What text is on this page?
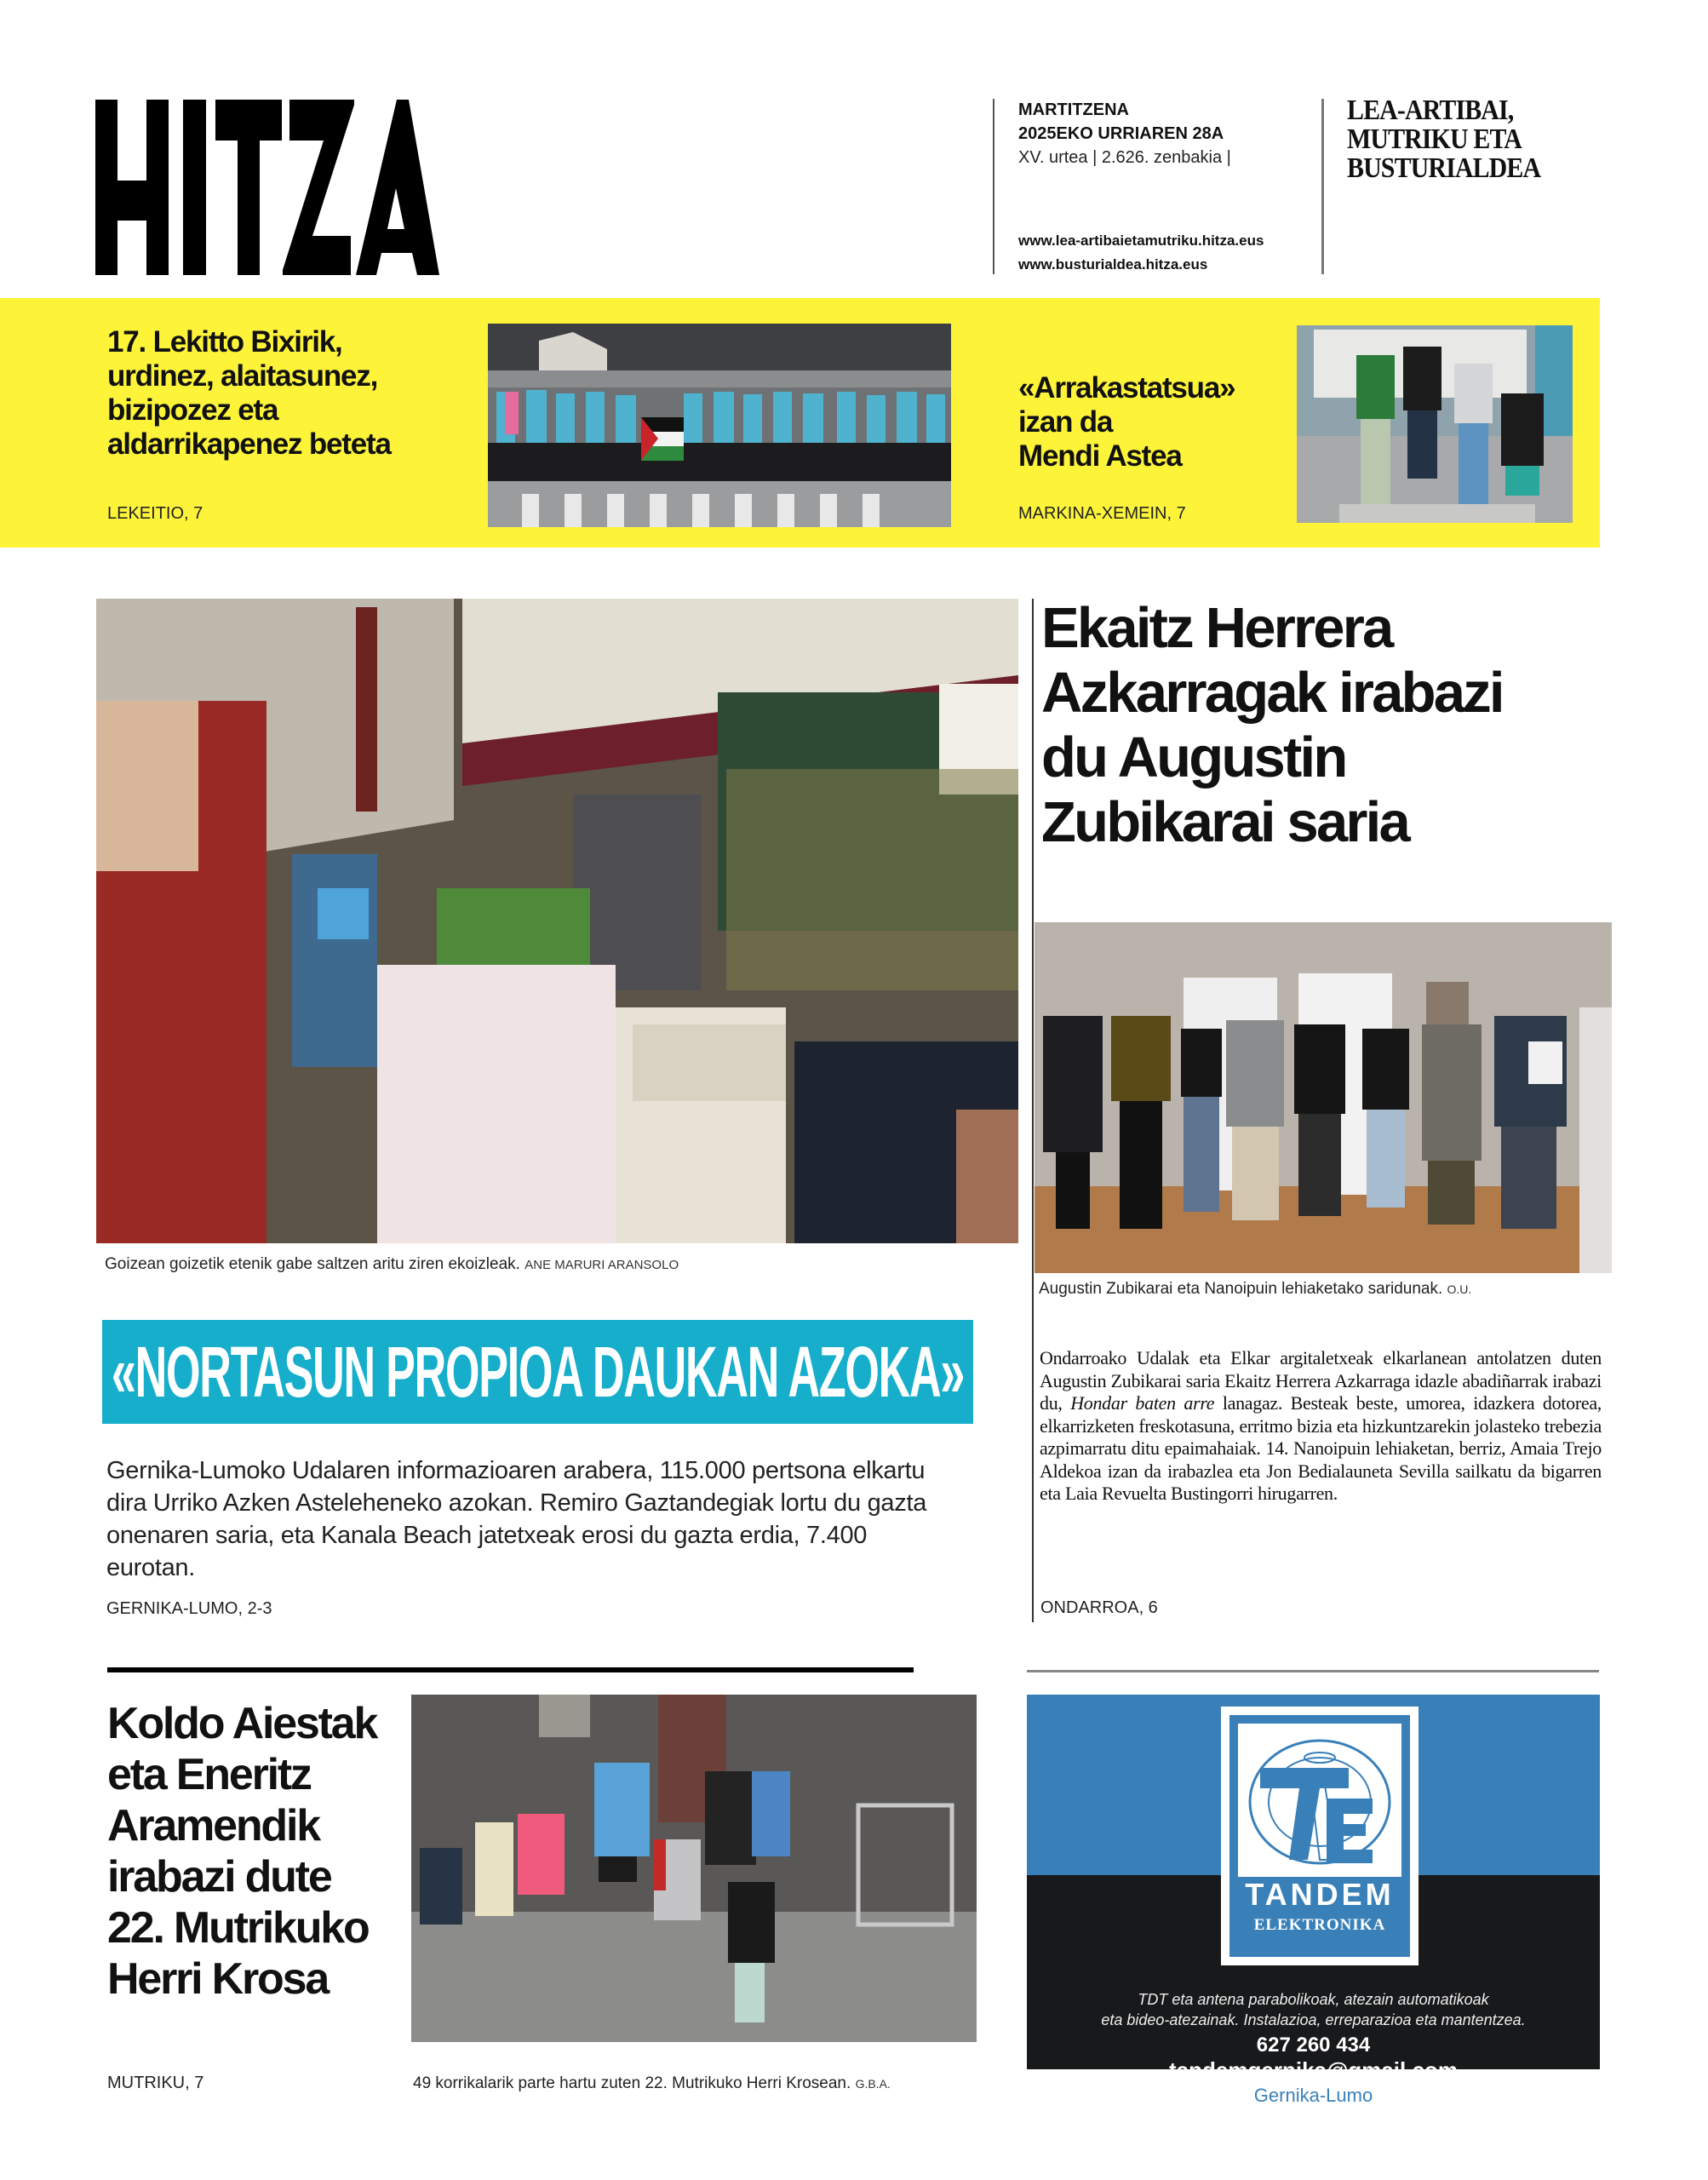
MARTITZENA
2025EKO URRIAREN 28A
XV. urtea | 2.626. zenbakia |
www.lea-artibaietamutriku.hitza.eus
www.busturialdea.hitza.eus
LEA-ARTIBAI,
MUTRIKU ETA
BUSTURIALDEA
17. Lekitto Bixirik,
urdinez, alaitasunez,
bizipozez eta
aldarrikapenez beteta
LEKEITIO, 7
«Arrakastatsua»
izan da
Mendi Astea
MARKINA-XEMEIN, 7
Goizean goizetik etenik gabe saltzen aritu ziren ekoizleak. ANE MARURI ARANSOLO
«NORTASUN PROPIOA DAUKAN AZOKA»
Gernika-Lumoko Udalaren informazioaren arabera, 115.000 pertsona elkartu dira Urriko Azken Asteleheneko azokan. Remiro Gaztandegiak lortu du gazta onenaren saria, eta Kanala Beach jatetxeak erosi du gazta erdia, 7.400 eurotan.
GERNIKA-LUMO, 2-3
Ekaitz Herrera
Azkarragak irabazi
du Augustin
Zubikarai saria
Augustin Zubikarai eta Nanoipuin lehiaketako saridunak. O.U.
Ondarroako Udalak eta Elkar argitaletxeak elkarlanean antolatzen duten Augustin Zubikarai saria Ekaitz Herrera Azkarraga idazle abadiñarrak irabazi du, Hondar baten arre lanagaz. Besteak beste, umorea, idazkera dotorea, elkarrizketen freskotasuna, erritmo bizia eta hizkuntzarekin jolasteko trebezia azpimarratu ditu epaimahaiak. 14. Nanoipuin lehiaketan, berriz, Amaia Trejo Aldekoa izan da irabazlea eta Jon Bedialauneta Sevilla sailkatu da bigarren eta Laia Revuelta Bustingorri hirugarren.
ONDARROA, 6
Koldo Aiestak
eta Eneritz
Aramendik
irabazi dute
22. Mutrikuko
Herri Krosa
MUTRIKU, 7	49 korrikalarik parte hartu zuten 22. Mutrikuko Herri Krosean. G.B.A.
TANDEM
ELEKTRONIKA
TDT eta antena parabolikoak, atezain automatikoak
eta bideo-atezainak. Instalazioa, erreparazioa eta mantentzea.
627 260 434
tandemgernika@gmail.com
Gernika-Lumo
